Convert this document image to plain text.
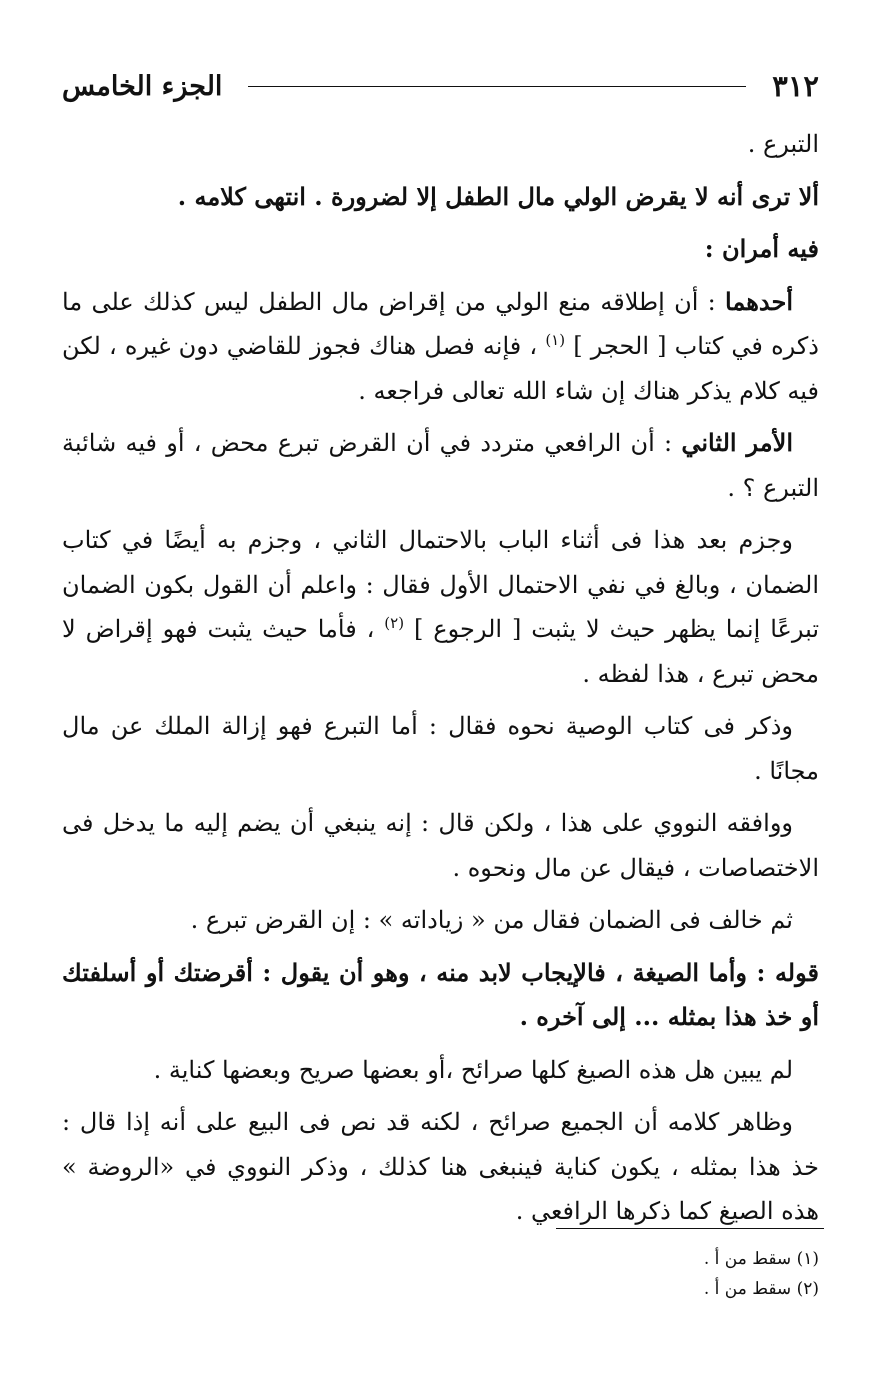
٣١٢
الجزء الخامس

التبرع .

ألا ترى أنه لا يقرض الولي مال الطفل إلا لضرورة . انتهى كلامه .

فيه أمران :

أحدهما : أن إطلاقه منع الولي من إقراض مال الطفل ليس كذلك على ما ذكره في كتاب [ الحجر ] $^{(١)}$ ، فإنه فصل هناك فجوز للقاضي دون غيره ، لكن فيه كلام يذكر هناك إن شاء الله تعالى فراجعه .

الأمر الثاني : أن الرافعي متردد في أن القرض تبرع محض ، أو فيه شائبة التبرع ؟ .

وجزم بعد هذا فى أثناء الباب بالاحتمال الثاني ، وجزم به أيضًا في كتاب الضمان ، وبالغ في نفي الاحتمال الأول فقال : واعلم أن القول بكون الضمان تبرعًا إنما يظهر حيث لا يثبت [ الرجوع ] $^{(٢)}$ ، فأما حيث يثبت فهو إقراض لا محض تبرع ، هذا لفظه .

وذكر فى كتاب الوصية نحوه فقال : أما التبرع فهو إزالة الملك عن مال مجانًا .

ووافقه النووي على هذا ، ولكن قال : إنه ينبغي أن يضم إليه ما يدخل فى الاختصاصات ، فيقال عن مال ونحوه .

ثم خالف فى الضمان فقال من « زياداته » : إن القرض تبرع .

قوله : وأما الصيغة ، فالإيجاب لابد منه ، وهو أن يقول : أقرضتك أو أسلفتك أو خذ هذا بمثله ... إلى آخره .

لم يبين هل هذه الصيغ كلها صرائح ،أو بعضها صريح وبعضها كناية .

وظاهر كلامه أن الجميع صرائح ، لكنه قد نص فى البيع على أنه إذا قال : خذ هذا بمثله ، يكون كناية فينبغى هنا كذلك ، وذكر النووي في «الروضة » هذه الصيغ كما ذكرها الرافعي .

(١) سقط من أ .

(٢) سقط من أ .
